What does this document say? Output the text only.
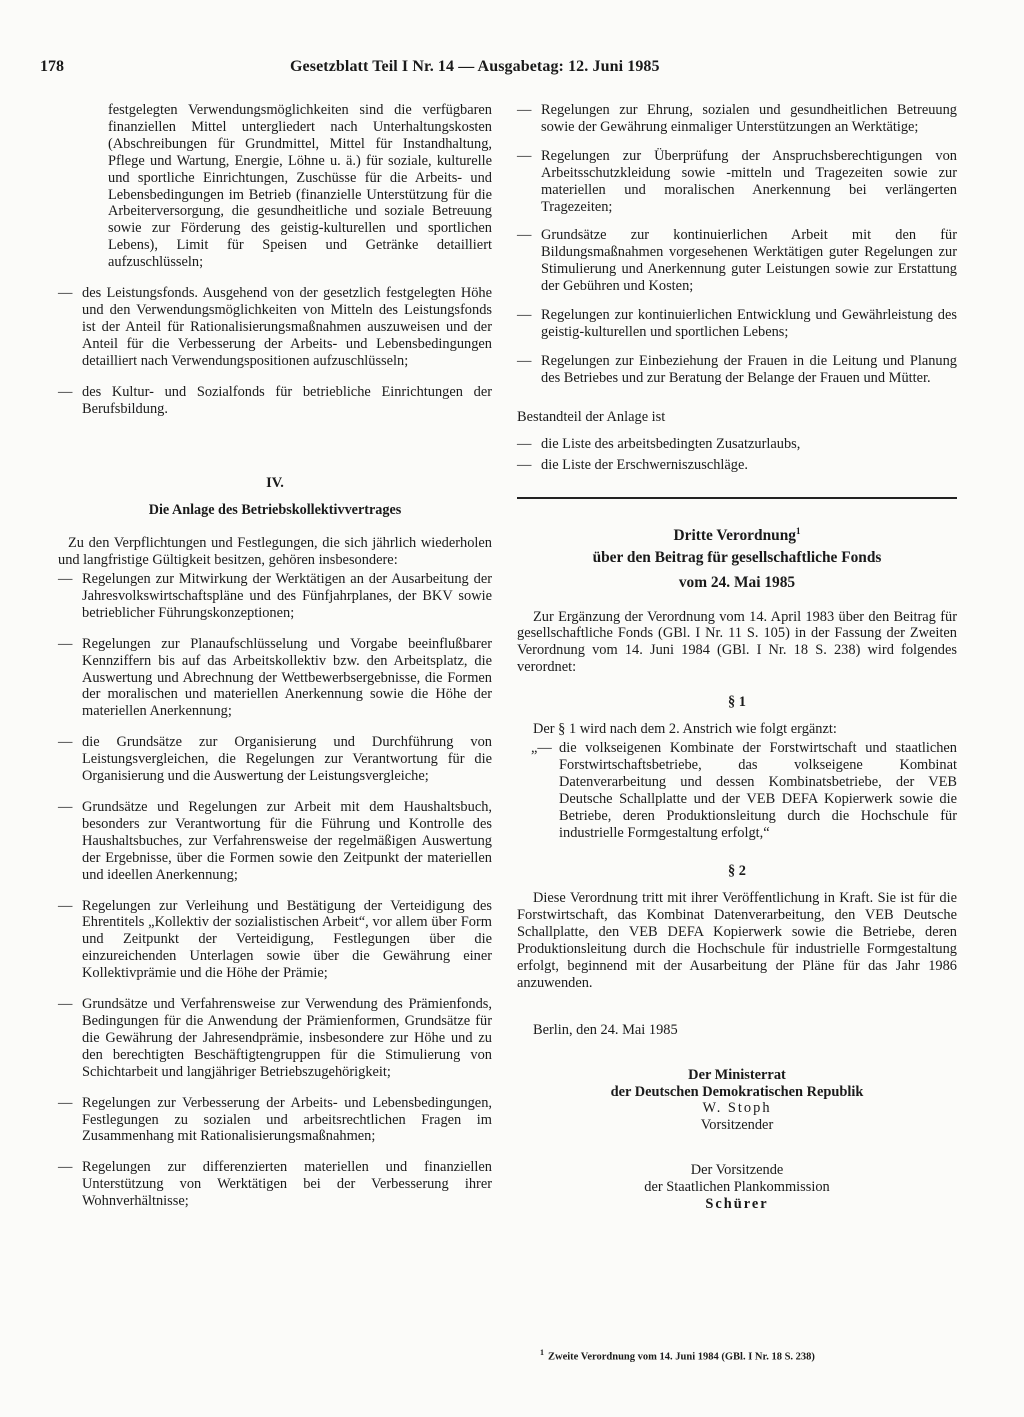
178	Gesetzblatt Teil I Nr. 14 — Ausgabetag: 12. Juni 1985

festgelegten Verwendungsmöglichkeiten sind die verfügbaren finanziellen Mittel untergliedert nach Unterhaltungskosten (Abschreibungen für Grundmittel, Mittel für Instandhaltung, Pflege und Wartung, Energie, Löhne u. ä.) für soziale, kulturelle und sportliche Einrichtungen, Zuschüsse für die Arbeits- und Lebensbedingungen im Betrieb (finanzielle Unterstützung für die Arbeiterversorgung, die gesundheitliche und soziale Betreuung sowie zur Förderung des geistig-kulturellen und sportlichen Lebens), Limit für Speisen und Getränke detailliert aufzuschlüsseln;

— des Leistungsfonds. Ausgehend von der gesetzlich festgelegten Höhe und den Verwendungsmöglichkeiten von Mitteln des Leistungsfonds ist der Anteil für Rationalisierungsmaßnahmen auszuweisen und der Anteil für die Verbesserung der Arbeits- und Lebensbedingungen detailliert nach Verwendungspositionen aufzuschlüsseln;
— des Kultur- und Sozialfonds für betriebliche Einrichtungen der Berufsbildung.
IV.
Die Anlage des Betriebskollektivvertrages

Zu den Verpflichtungen und Festlegungen, die sich jährlich wiederholen und langfristige Gültigkeit besitzen, gehören insbesondere:

— Regelungen zur Mitwirkung der Werktätigen an der Ausarbeitung der Jahresvolkswirtschaftspläne und des Fünfjahrplanes, der BKV sowie betrieblicher Führungskonzeptionen;
— Regelungen zur Planaufschlüsselung und Vorgabe beeinflußbarer Kennziffern bis auf das Arbeitskollektiv bzw. den Arbeitsplatz, die Auswertung und Abrechnung der Wettbewerbsergebnisse, die Formen der moralischen und materiellen Anerkennung sowie die Höhe der materiellen Anerkennung;
— die Grundsätze zur Organisierung und Durchführung von Leistungsvergleichen, die Regelungen zur Verantwortung für die Organisierung und die Auswertung der Leistungsvergleiche;
— Grundsätze und Regelungen zur Arbeit mit dem Haushaltsbuch, besonders zur Verantwortung für die Führung und Kontrolle des Haushaltsbuches, zur Verfahrensweise der regelmäßigen Auswertung der Ergebnisse, über die Formen sowie den Zeitpunkt der materiellen und ideellen Anerkennung;
— Regelungen zur Verleihung und Bestätigung der Verteidigung des Ehrentitels „Kollektiv der sozialistischen Arbeit“, vor allem über Form und Zeitpunkt der Verteidigung, Festlegungen über die einzureichenden Unterlagen sowie über die Gewährung einer Kollektivprämie und die Höhe der Prämie;
— Grundsätze und Verfahrensweise zur Verwendung des Prämienfonds, Bedingungen für die Anwendung der Prämienformen, Grundsätze für die Gewährung der Jahresendprämie, insbesondere zur Höhe und zu den berechtigten Beschäftigtengruppen für die Stimulierung von Schichtarbeit und langjähriger Betriebszugehörigkeit;
— Regelungen zur Verbesserung der Arbeits- und Lebensbedingungen, Festlegungen zu sozialen und arbeitsrechtlichen Fragen im Zusammenhang mit Rationalisierungsmaßnahmen;
— Regelungen zur differenzierten materiellen und finanziellen Unterstützung von Werktätigen bei der Verbesserung ihrer Wohnverhältnisse;
— Regelungen zur Ehrung, sozialen und gesundheitlichen Betreuung sowie der Gewährung einmaliger Unterstützungen an Werktätige;
— Regelungen zur Überprüfung der Anspruchsberechtigungen von Arbeitsschutzkleidung sowie -mitteln und Tragezeiten sowie zur materiellen und moralischen Anerkennung bei verlängerten Tragezeiten;
— Grundsätze zur kontinuierlichen Arbeit mit den für Bildungsmaßnahmen vorgesehenen Werktätigen guter Regelungen zur Stimulierung und Anerkennung guter Leistungen sowie zur Erstattung der Gebühren und Kosten;
— Regelungen zur kontinuierlichen Entwicklung und Gewährleistung des geistig-kulturellen und sportlichen Lebens;
— Regelungen zur Einbeziehung der Frauen in die Leitung und Planung des Betriebes und zur Beratung der Belange der Frauen und Mütter.

Bestandteil der Anlage ist

— die Liste des arbeitsbedingten Zusatzurlaubs,
— die Liste der Erschwerniszuschläge.
Dritte Verordnung$^1$
über den Beitrag für gesellschaftliche Fonds
vom 24. Mai 1985

Zur Ergänzung der Verordnung vom 14. April 1983 über den Beitrag für gesellschaftliche Fonds (GBl. I Nr. 11 S. 105) in der Fassung der Zweiten Verordnung vom 14. Juni 1984 (GBl. I Nr. 18 S. 238) wird folgendes verordnet:

§ 1

Der § 1 wird nach dem 2. Anstrich wie folgt ergänzt:

„— die volkseigenen Kombinate der Forstwirtschaft und staatlichen Forstwirtschaftsbetriebe, das volkseigene Kombinat Datenverarbeitung und dessen Kombinatsbetriebe, der VEB Deutsche Schallplatte und der VEB DEFA Kopierwerk sowie die Betriebe, deren Produktionsleitung durch die Hochschule für industrielle Formgestaltung erfolgt,“
§ 2

Diese Verordnung tritt mit ihrer Veröffentlichung in Kraft. Sie ist für die Forstwirtschaft, das Kombinat Datenverarbeitung, den VEB Deutsche Schallplatte, den VEB DEFA Kopierwerk sowie die Betriebe, deren Produktionsleitung durch die Hochschule für industrielle Formgestaltung erfolgt, beginnend mit der Ausarbeitung der Pläne für das Jahr 1986 anzuwenden.

Berlin, den 24. Mai 1985
Der Ministerrat
der Deutschen Demokratischen Republik
W. Stoph
Vorsitzender
Der Vorsitzende
der Staatlichen Plankommission
Schürer
$^1$ Zweite Verordnung vom 14. Juni 1984 (GBl. I Nr. 18 S. 238)
